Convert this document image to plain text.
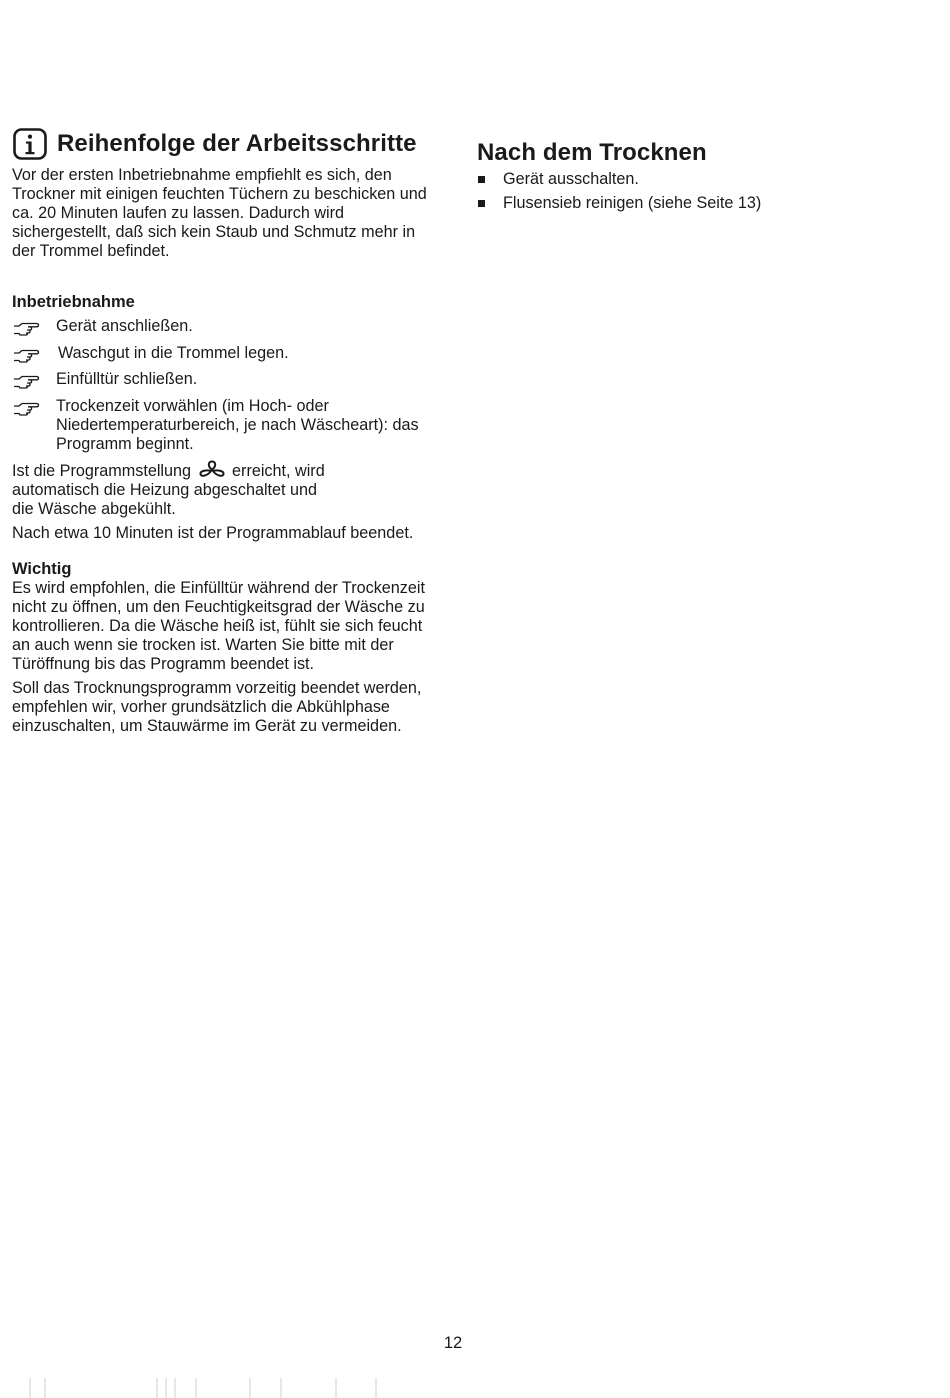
Reihenfolge der Arbeitsschritte

Vor der ersten Inbetriebnahme empfiehlt es sich, den Trockner mit einigen feuchten Tüchern zu beschicken und ca. 20 Minuten laufen zu lassen. Dadurch wird sichergestellt, daß sich kein Staub und Schmutz mehr in der Trommel befindet.

Inbetriebnahme

Gerät anschließen.
Waschgut in die Trommel legen.
Einfülltür schließen.
Trockenzeit vorwählen (im Hoch- oder Niedertemperaturbereich, je nach Wäscheart): das Programm beginnt.

Ist die Programmstellung	erreicht, wird
automatisch die Heizung abgeschaltet und die Wäsche abgekühlt.

Nach etwa 10 Minuten ist der Programmablauf beendet.

Wichtig

Es wird empfohlen, die Einfülltür während der Trockenzeit nicht zu öffnen, um den Feuchtigkeitsgrad der Wäsche zu kontrollieren. Da die Wäsche heiß ist, fühlt sie sich feucht an auch wenn sie trocken ist. Warten Sie bitte mit der Türöffnung bis das Programm beendet ist.

Soll das Trocknungsprogramm vorzeitig beendet werden, empfehlen wir, vorher grundsätzlich die Abkühlphase einzuschalten, um Stauwärme im Gerät zu vermeiden.

Nach dem Trocknen
Gerät ausschalten.
Flusensieb reinigen (siehe Seite 13)
12
